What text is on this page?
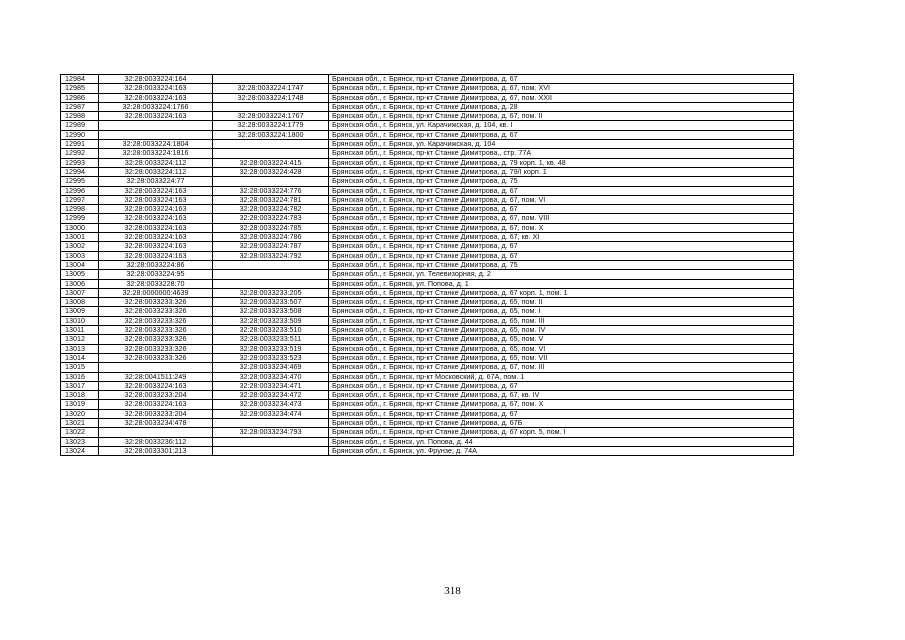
12984	32:28:0033224:164		Брянская обл., г. Брянск, пр-кт Станке Димитрова, д. 67
12985	32:28:0033224:163	32:28:0033224:1747	Брянская обл., г. Брянск, пр-кт Станке Димитрова, д. 67, пом. XVI
12986	32:28:0033224:163	32:28:0033224:1748	Брянская обл., г. Брянск, пр-кт Станке Димитрова, д. 67, пом. XXII
12987	32:28:0033224:1766		Брянская обл., г. Брянск, пр-кт Станке Димитрова, д. 28
12988	32:28:0033224:163	32:28:0033224:1767	Брянская обл., г. Брянск, пр-кт Станке Димитрова, д. 67, пом. II
12989		32:28:0033224:1779	Брянская обл., г. Брянск, ул. Карачижская, д. 104, кв. I
12990		32:28:0033224:1800	Брянская обл., г. Брянск, пр-кт Станке Димитрова, д. 67
12991	32:28:0033224:1804		Брянская обл., г. Брянск, ул. Карачижская, д. 104
12992	32:28:0033224:1816		Брянская обл., г. Брянск, пр-кт Станке Димитрова,, стр. 77А
12993	32:28:0033224:112	32:28:0033224:415	Брянская обл., г. Брянск, пр-кт Станке Димитрова, д. 79 корп. 1, кв. 48
12994	32:28:0033224:112	32:28:0033224:428	Брянская обл., г. Брянск, пр-кт Станке Димитрова, д. 79/I корп. 1
12995	32:28:0033224:77		Брянская обл., г. Брянск, пр-кт Станке Димитрова, д. 75
12996	32:28:0033224:163	32:28:0033224:776	Брянская обл., г. Брянск, пр-кт Станке Димитрова, д. 67
12997	32:28:0033224:163	32:28:0033224:781	Брянская обл., г. Брянск, пр-кт Станке Димитрова, д. 67, пом. VI
12998	32:28:0033224:163	32:28:0033224:782	Брянская обл., г. Брянск, пр-кт Станке Димитрова, д. 67
12999	32:28:0033224:163	32:28:0033224:783	Брянская обл., г. Брянск, пр-кт Станке Димитрова, д. 67, пом. VIII
13000	32:28:0033224:163	32:28:0033224:785	Брянская обл., г. Брянск, пр-кт Станке Димитрова, д. 67, пом. X
13001	32:28:0033224:163	32:28:0033224:786	Брянская обл., г. Брянск, пр-кт Станке Димитрова, д. 67, кв. XI
13002	32:28:0033224:163	32:28:0033224:787	Брянская обл., г. Брянск, пр-кт Станке Димитрова, д. 67
13003	32:28:0033224:163	32:28:0033224:792	Брянская обл., г. Брянск, пр-кт Станке Димитрова, д. 67
13004	32:28:0033224:86		Брянская обл., г. Брянск, пр-кт Станке Димитрова, д. 75
13005	32:28:0033224:95		Брянская обл., г. Брянск, ул. Телевизорная, д. 2
13006	32:28:0033228:70		Брянская обл., г. Брянск, ул. Попова, д. 1
13007	32:28:0000000:4639	32:28:0033233:205	Брянская обл., г. Брянск, пр-кт Станке Димитрова, д. 67 корп. 1, пом. 1
13008	32:28:0033233:326	32:28:0033233:507	Брянская обл., г. Брянск, пр-кт Станке Димитрова, д. 65, пом. II
13009	32:28:0033233:326	32:28:0033233:508	Брянская обл., г. Брянск, пр-кт Станке Димитрова, д. 65, пом. I
13010	32:28:0033233:326	32:28:0033233:509	Брянская обл., г. Брянск, пр-кт Станке Димитрова, д. 65, пом. III
13011	32:28:0033233:326	32:28:0033233:510	Брянская обл., г. Брянск, пр-кт Станке Димитрова, д. 65, пом. IV
13012	32:28:0033233:326	32:28:0033233:511	Брянская обл., г. Брянск, пр-кт Станке Димитрова, д. 65, пом. V
13013	32:28:0033233:326	32:28:0033233:519	Брянская обл., г. Брянск, пр-кт Станке Димитрова, д. 65, пом. VI
13014	32:28:0033233:326	32:28:0033233:523	Брянская обл., г. Брянск, пр-кт Станке Димитрова, д. 65, пом. VII
13015		32:28:0033234:469	Брянская обл., г. Брянск, пр-кт Станке Димитрова, д. 67, пом. III
13016	32:28:0041511:249	32:28:0033234:470	Брянская обл., г. Брянск, пр-кт Московский, д. 67А, пом. 1
13017	32:28:0033224:163	32:28:0033234:471	Брянская обл., г. Брянск, пр-кт Станке Димитрова, д. 67
13018	32:28:0033233:204	32:28:0033234:472	Брянская обл., г. Брянск, пр-кт Станке Димитрова, д. 67, кв. IV
13019	32:28:0033224:163	32:28:0033234:473	Брянская обл., г. Брянск, пр-кт Станке Димитрова, д. 67, пом. X
13020	32:28:0033233:204	32:28:0033234:474	Брянская обл., г. Брянск, пр-кт Станке Димитрова, д. 67
13021	32:28:0033234:478		Брянская обл., г. Брянск, пр-кт Станке Димитрова, д. 67Б
13022		32:28:0033234:793	Брянская обл., г. Брянск, пр-кт Станке Димитрова, д. 67 корп. 5, пом. I
13023	32:28:0033236:112		Брянская обл., г. Брянск, ул. Попова, д. 44
13024	32:28:0033301:213		Брянская обл., г. Брянск, ул. Фрунзе, д. 74А
318
